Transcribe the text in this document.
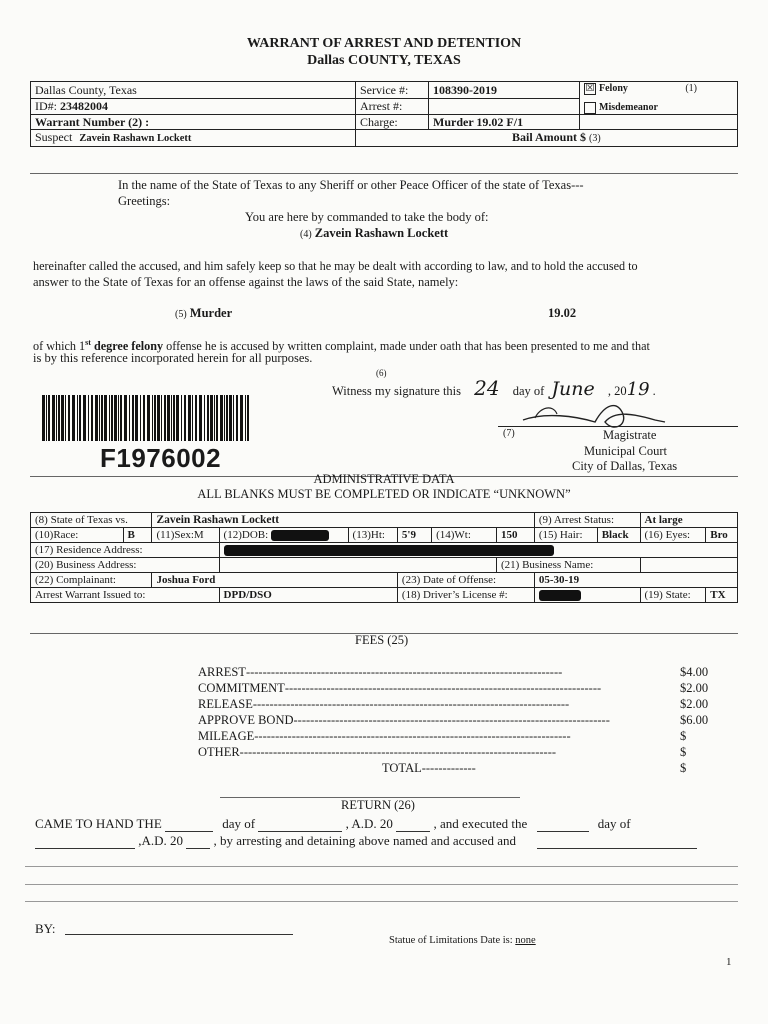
WARRANT OF ARREST AND DETENTION
Dallas COUNTY, TEXAS
Dallas County, Texas	Service #:	108390-2019	☒ Felony (1)
Misdemeanor

ID#: 23482004	Arrest #:		
Warrant Number (2) :	Charge:	Murder 19.02 F/1	
Suspect Zavein Rashawn Lockett	Bail Amount $ (3)		
In the name of the State of Texas to any Sheriff or other Peace Officer of the state of Texas---
Greetings:
You are here by commanded to take the body of:
(4) Zavein Rashawn Lockett
hereinafter called the accused, and him safely keep so that he may be dealt with according to law, and to hold the accused to
answer to the State of Texas for an offense against the laws of the said State, namely:
(5) Murder	19.02
of which 1st degree felony offense he is accused by written complaint, made under oath that has been presented to me and that
is by this reference incorporated herein for all purposes.
(6)
Witness my signature this 24 day of June , 2019 .
F1976002
(7)	Magistrate
Municipal Court
City of Dallas, Texas
ADMINISTRATIVE DATA
ALL BLANKS MUST BE COMPLETED OR INDICATE “UNKNOWN”
(8) State of Texas vs.		Zavein Rashawn Lockett						(9) Arrest Status:		At large	
(10)Race:	B	(11)Sex:M	(12)DOB:	(13)Ht:	5'9	(14)Wt:	150	(15) Hair:	Black	(16) Eyes:	Bro
(17) Residence Address:											
(20) Business Address:							(21) Business Name:				
(22) Complainant:		Joshua Ford			(23) Date of Offense:			05-30-19			
Arrest Warrant Issued to:			DPD/DSO		(18) Driver’s License #:					(19) State:	TX
FEES (25)
ARREST----------------------------------------------------------------------------	$4.00
COMMITMENT----------------------------------------------------------------------------	$2.00
RELEASE----------------------------------------------------------------------------	$2.00
APPROVE BOND----------------------------------------------------------------------------	$6.00
MILEAGE----------------------------------------------------------------------------	$
OTHER----------------------------------------------------------------------------	$
TOTAL-------------	$
RETURN (26)
CAME TO HAND THE	day of	, A.D. 20	, and executed the	day of
,A.D. 20 , by arresting and detaining above named and accused and
BY:
Statue of Limitations Date is: none
1
